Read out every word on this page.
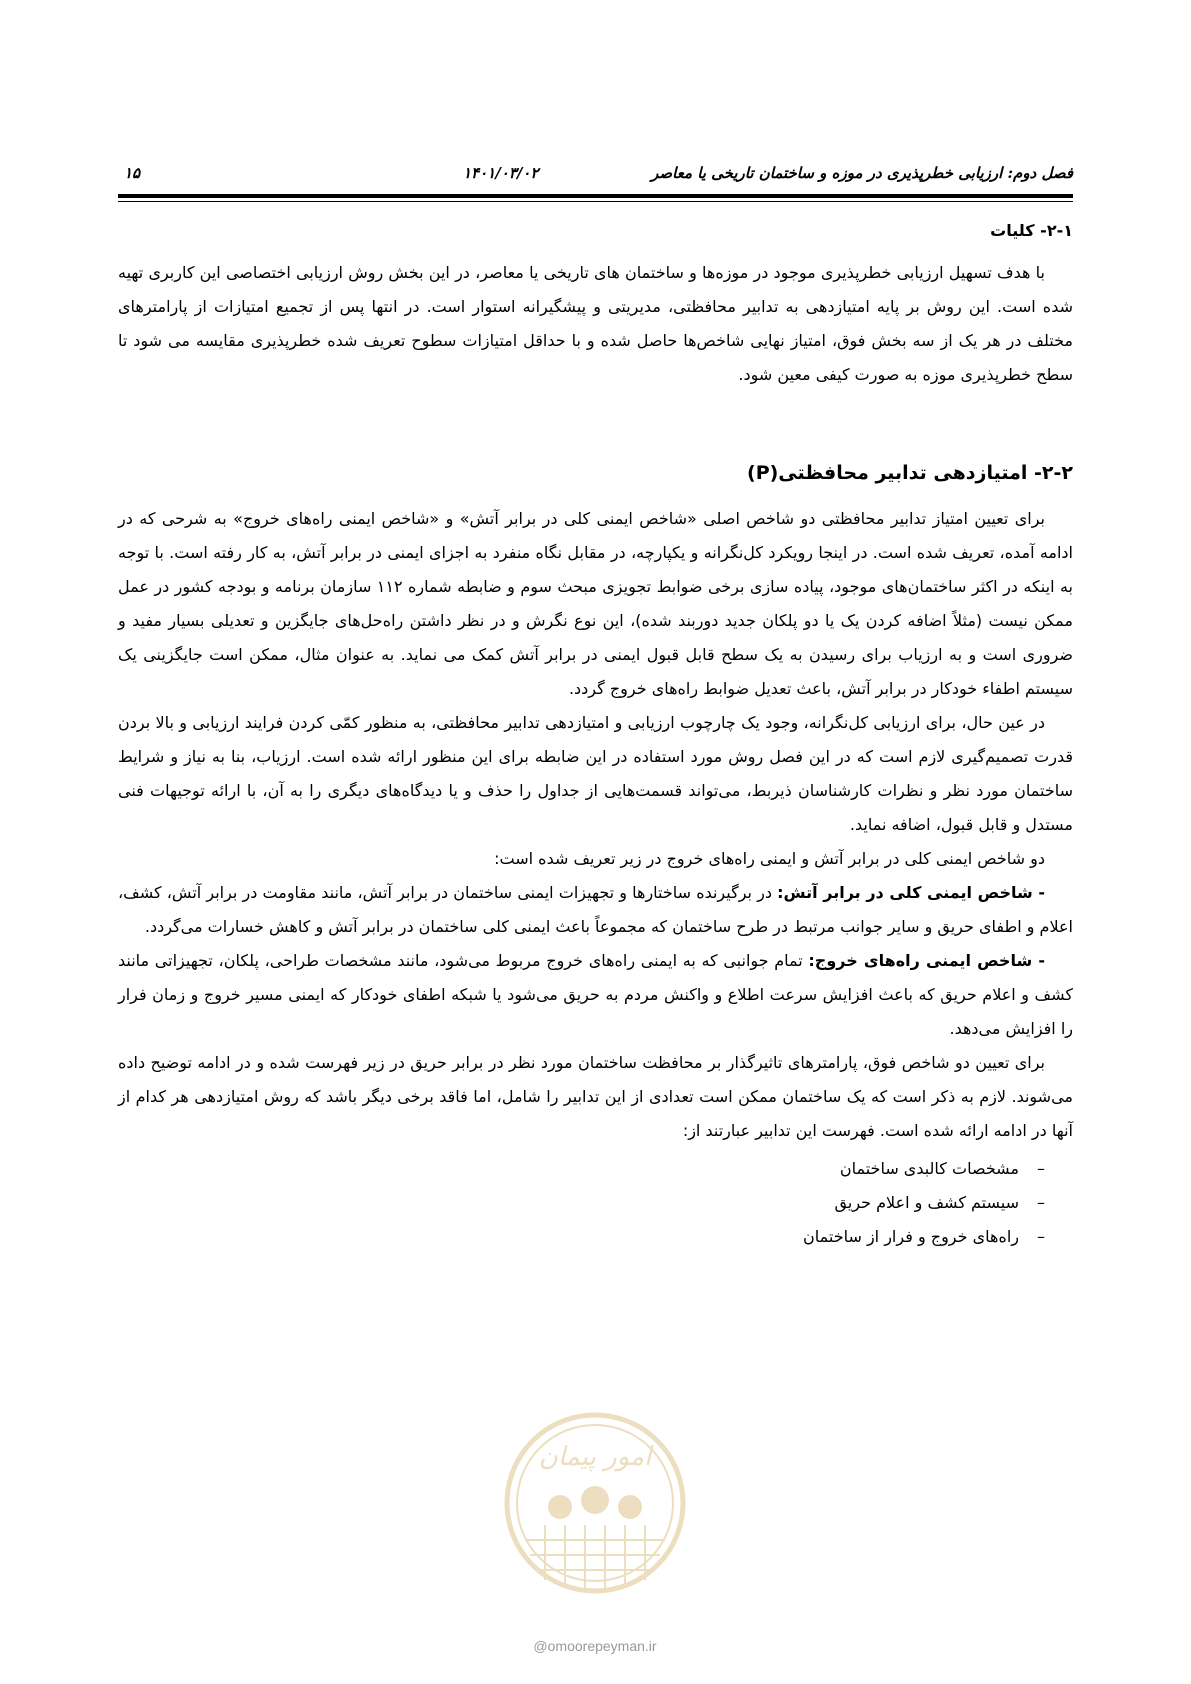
فصل دوم: ارزیابی خطرپذیری در موزه و ساختمان تاریخی یا معاصر
۱۴۰۱/۰۳/۰۲
۱۵
۲-۱- کلیات

با هدف تسهیل ارزیابی خطرپذیری موجود در موزه‌ها و ساختمان های تاریخی یا معاصر، در این بخش روش ارزیابی اختصاصی این کاربری تهیه شده است. این روش بر پایه امتیازدهی به تدابیر محافظتی، مدیریتی و پیشگیرانه استوار است. در انتها پس از تجمیع امتیازات از پارامترهای مختلف در هر یک از سه بخش فوق، امتیاز نهایی شاخص‌ها حاصل شده و با حداقل امتیازات سطوح تعریف شده خطرپذیری مقایسه می شود تا سطح خطرپذیری موزه به صورت کیفی معین شود.

۲-۲- امتیازدهی تدابیر محافظتی(P)

برای تعیین امتیاز تدابیر محافظتی دو شاخص اصلی «شاخص ایمنی کلی در برابر آتش» و «شاخص ایمنی راه‌های خروج» به شرحی که در ادامه آمده، تعریف شده است. در اینجا رویکرد کل‌نگرانه و یکپارچه، در مقابل نگاه منفرد به اجزای ایمنی در برابر آتش، به کار رفته است. با توجه به اینکه در اکثر ساختمان‌های موجود، پیاده سازی برخی ضوابط تجویزی مبحث سوم و ضابطه شماره ۱۱۲ سازمان برنامه و بودجه کشور در عمل ممکن نیست (مثلاً اضافه کردن یک یا دو پلکان جدید دوربند شده)، این نوع نگرش و در نظر داشتن راه‌حل‌های جایگزین و تعدیلی بسیار مفید و ضروری است و به ارزیاب برای رسیدن به یک سطح قابل قبول ایمنی در برابر آتش کمک می نماید. به عنوان مثال، ممکن است جایگزینی یک سیستم اطفاء خودکار در برابر آتش، باعث تعدیل ضوابط راه‌های خروج گردد.

در عین حال، برای ارزیابی کل‌نگرانه، وجود یک چارچوب ارزیابی و امتیازدهی تدابیر محافظتی، به منظور کمّی کردن فرایند ارزیابی و بالا بردن قدرت تصمیم‌گیری لازم است که در این فصل روش مورد استفاده در این ضابطه برای این منظور ارائه شده است. ارزیاب، بنا به نیاز و شرایط ساختمان مورد نظر و نظرات کارشناسان ذیربط، می‌تواند قسمت‌هایی از جداول را حذف و یا دیدگاه‌های دیگری را به آن، با ارائه توجیهات فنی مستدل و قابل قبول، اضافه نماید.

دو شاخص ایمنی کلی در برابر آتش و ایمنی راه‌های خروج در زیر تعریف شده است:

- شاخص ایمنی کلی در برابر آتش: در برگیرنده ساختارها و تجهیزات ایمنی ساختمان در برابر آتش، مانند مقاومت در برابر آتش، کشف، اعلام و اطفای حریق و سایر جوانب مرتبط در طرح ساختمان که مجموعاً باعث ایمنی کلی ساختمان در برابر آتش و کاهش خسارات می‌گردد.

- شاخص ایمنی راه‌های خروج: تمام جوانبی که به ایمنی راه‌های خروج مربوط می‌شود، مانند مشخصات طراحی، پلکان، تجهیزاتی مانند کشف و اعلام حریق که باعث افزایش سرعت اطلاع و واکنش مردم به حریق می‌شود یا شبکه اطفای خودکار که ایمنی مسیر خروج و زمان فرار را افزایش می‌دهد.

برای تعیین دو شاخص فوق، پارامترهای تاثیرگذار بر محافظت ساختمان مورد نظر در برابر حریق در زیر فهرست شده و در ادامه توضیح داده می‌شوند. لازم به ذکر است که یک ساختمان ممکن است تعدادی از این تدابیر را شامل، اما فاقد برخی دیگر باشد که روش امتیازدهی هر کدام از آنها در ادامه ارائه شده است. فهرست این تدابیر عبارتند از:

–مشخصات کالبدی ساختمان
–سیستم کشف و اعلام حریق
–راه‌های خروج و فرار از ساختمان
امور پیمان
@omoorepeyman.ir
